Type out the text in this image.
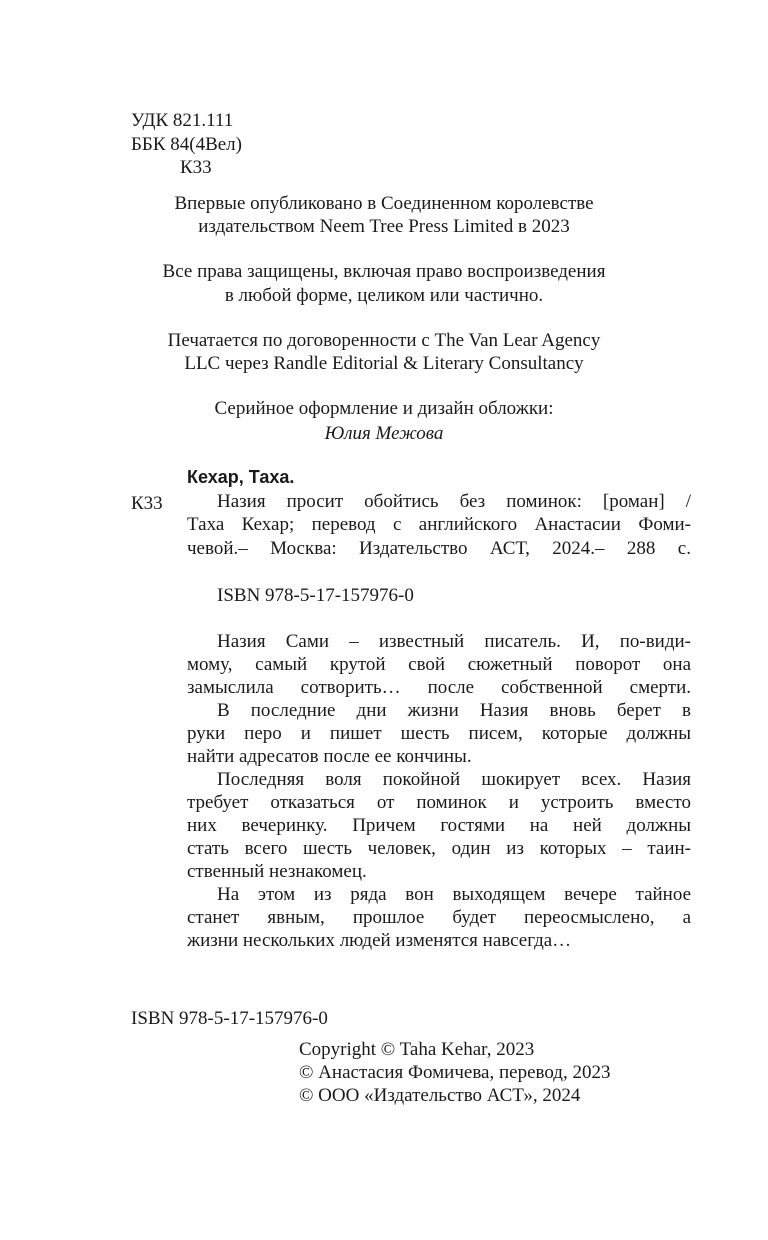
УДК 821.111
ББК 84(4Вел)
К33
Впервые опубликовано в Соединенном королевстве
издательством Neem Tree Press Limited в 2023
Все права защищены, включая право воспроизведения
в любой форме, целиком или частично.
Печатается по договоренности с The Van Lear Agency
LLC через Randle Editorial & Literary Consultancy
Серийное оформление и дизайн обложки:
Юлия Межова
Кехар, Таха.
К33	Назия просит обойтись без поминок: [роман] /
Таха Кехар; перевод с английского Анастасии Фоми-
чевой.– Москва: Издательство АСТ, 2024.– 288 с.
ISBN 978-5-17-157976-0
Назия Сами – известный писатель. И, по-види-
мому, самый крутой свой сюжетный поворот она
замыслила сотворить… после собственной смерти.
В последние дни жизни Назия вновь берет в
руки перо и пишет шесть писем, которые должны
найти адресатов после ее кончины.
Последняя воля покойной шокирует всех. Назия
требует отказаться от поминок и устроить вместо
них вечеринку. Причем гостями на ней должны
стать всего шесть человек, один из которых – таин-
ственный незнакомец.
На этом из ряда вон выходящем вечере тайное
станет явным, прошлое будет переосмыслено, а
жизни нескольких людей изменятся навсегда…
ISBN 978-5-17-157976-0
Copyright © Taha Kehar, 2023
© Анастасия Фомичева, перевод, 2023
© ООО «Издательство АСТ», 2024
